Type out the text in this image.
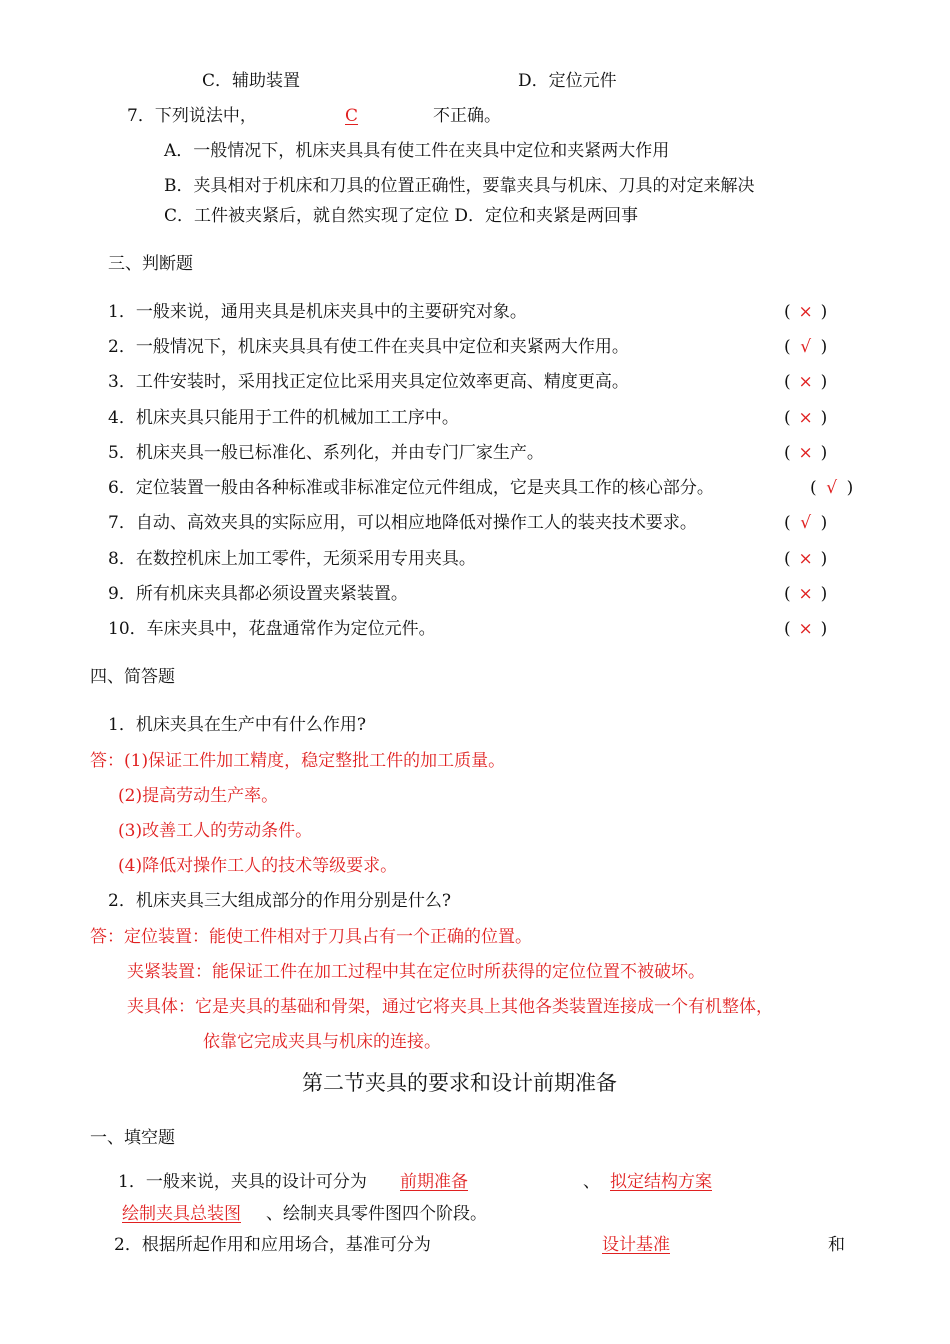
C．辅助装置	D．定位元件
7．下列说法中，	C	不正确。
A．一般情况下，机床夹具具有使工件在夹具中定位和夹紧两大作用
B．夹具相对于机床和刀具的位置正确性，要靠夹具与机床、刀具的对定来解决
C．工件被夹紧后，就自然实现了定位 D．定位和夹紧是两回事
三、判断题
1．一般来说，通用夹具是机床夹具中的主要研究对象。	( × )
2．一般情况下，机床夹具具有使工件在夹具中定位和夹紧两大作用。	( √ )
3．工件安装时，采用找正定位比采用夹具定位效率更高、精度更高。	( × )
4．机床夹具只能用于工件的机械加工工序中。	( × )
5．机床夹具一般已标准化、系列化，并由专门厂家生产。	( × )
6．定位装置一般由各种标准或非标准定位元件组成，它是夹具工作的核心部分。	( √ )
7．自动、高效夹具的实际应用，可以相应地降低对操作工人的装夹技术要求。	( √ )
8．在数控机床上加工零件，无须采用专用夹具。	( × )
9．所有机床夹具都必须设置夹紧装置。	( × )
10．车床夹具中，花盘通常作为定位元件。	( × )
四、简答题
1．机床夹具在生产中有什么作用?
答：(1)保证工件加工精度，稳定整批工件的加工质量。
(2)提高劳动生产率。
(3)改善工人的劳动条件。
(4)降低对操作工人的技术等级要求。
2．机床夹具三大组成部分的作用分别是什么?
答：定位装置：能使工件相对于刀具占有一个正确的位置。
夹紧装置：能保证工件在加工过程中其在定位时所获得的定位位置不被破坏。
夹具体：它是夹具的基础和骨架，通过它将夹具上其他各类装置连接成一个有机整体，
依靠它完成夹具与机床的连接。
第二节夹具的要求和设计前期准备
一、填空题
1．一般来说，夹具的设计可分为 前期准备	、 拟定结构方案
绘制夹具总装图 、绘制夹具零件图四个阶段。
2．根据所起作用和应用场合，基准可分为	设计基准	和
